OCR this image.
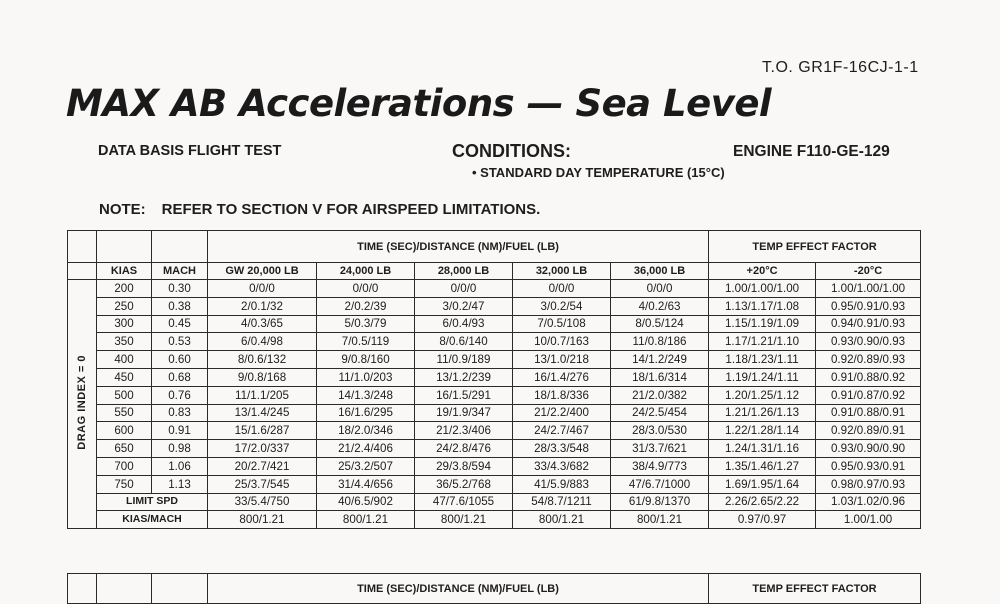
T.O. GR1F-16CJ-1-1
MAX AB Accelerations — Sea Level
DATA BASIS FLIGHT TEST	CONDITIONS:	ENGINE F110-GE-129
• STANDARD DAY TEMPERATURE (15°C)
NOTE: REFER TO SECTION V FOR AIRSPEED LIMITATIONS.
			TIME (SEC)/DISTANCE (NM)/FUEL (LB)					TEMP EFFECT FACTOR	
	KIAS	MACH	GW 20,000 LB	24,000 LB	28,000 LB	32,000 LB	36,000 LB	+20°C	-20°C
DRAG INDEX = 0	200	0.30	0/0/0	0/0/0	0/0/0	0/0/0	0/0/0	1.00/1.00/1.00	1.00/1.00/1.00
	250	0.38	2/0.1/32	2/0.2/39	3/0.2/47	3/0.2/54	4/0.2/63	1.13/1.17/1.08	0.95/0.91/0.93
	300	0.45	4/0.3/65	5/0.3/79	6/0.4/93	7/0.5/108	8/0.5/124	1.15/1.19/1.09	0.94/0.91/0.93
	350	0.53	6/0.4/98	7/0.5/119	8/0.6/140	10/0.7/163	11/0.8/186	1.17/1.21/1.10	0.93/0.90/0.93
	400	0.60	8/0.6/132	9/0.8/160	11/0.9/189	13/1.0/218	14/1.2/249	1.18/1.23/1.11	0.92/0.89/0.93
	450	0.68	9/0.8/168	11/1.0/203	13/1.2/239	16/1.4/276	18/1.6/314	1.19/1.24/1.11	0.91/0.88/0.92
	500	0.76	11/1.1/205	14/1.3/248	16/1.5/291	18/1.8/336	21/2.0/382	1.20/1.25/1.12	0.91/0.87/0.92
	550	0.83	13/1.4/245	16/1.6/295	19/1.9/347	21/2.2/400	24/2.5/454	1.21/1.26/1.13	0.91/0.88/0.91
	600	0.91	15/1.6/287	18/2.0/346	21/2.3/406	24/2.7/467	28/3.0/530	1.22/1.28/1.14	0.92/0.89/0.91
	650	0.98	17/2.0/337	21/2.4/406	24/2.8/476	28/3.3/548	31/3.7/621	1.24/1.31/1.16	0.93/0.90/0.90
	700	1.06	20/2.7/421	25/3.2/507	29/3.8/594	33/4.3/682	38/4.9/773	1.35/1.46/1.27	0.95/0.93/0.91
	750	1.13	25/3.7/545	31/4.4/656	36/5.2/768	41/5.9/883	47/6.7/1000	1.69/1.95/1.64	0.98/0.97/0.93
	LIMIT SPD		33/5.4/750	40/6.5/902	47/7.6/1055	54/8.7/1211	61/9.8/1370	2.26/2.65/2.22	1.03/1.02/0.96
	KIAS/MACH		800/1.21	800/1.21	800/1.21	800/1.21	800/1.21	0.97/0.97	1.00/1.00
			TIME (SEC)/DISTANCE (NM)/FUEL (LB)	TEMP EFFECT FACTOR
